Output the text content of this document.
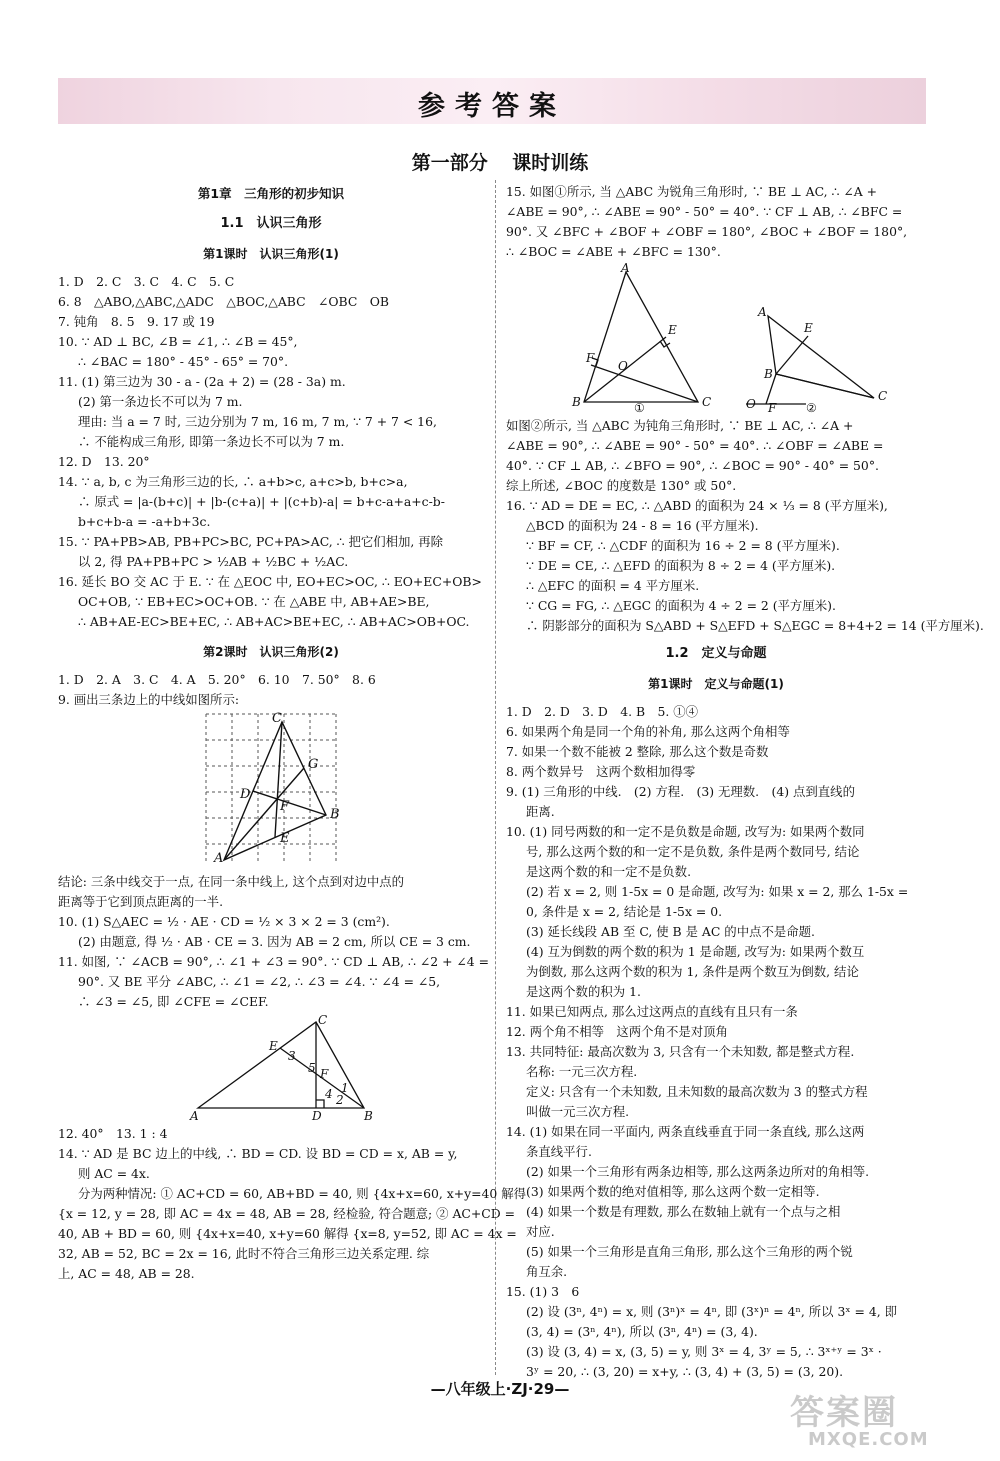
参考答案
第一部分 课时训练
第1章　三角形的初步知识
1.1　认识三角形
第1课时　认识三角形(1)
1. D　2. C　3. C　4. C　5. C
6. 8　△ABO,△ABC,△ADC　△BOC,△ABC　∠OBC　OB
7. 钝角　8. 5　9. 17 或 19
10. ∵ AD ⊥ BC, ∠B = ∠1, ∴ ∠B = 45°,
∴ ∠BAC = 180° - 45° - 65° = 70°.
11. (1) 第三边为 30 - a - (2a + 2) = (28 - 3a) m.
(2) 第一条边长不可以为 7 m.
理由: 当 a = 7 时, 三边分别为 7 m, 16 m, 7 m, ∵ 7 + 7 < 16,
∴ 不能构成三角形, 即第一条边长不可以为 7 m.
12. D　13. 20°
14. ∵ a, b, c 为三角形三边的长, ∴ a+b>c, a+c>b, b+c>a,
∴ 原式 = |a-(b+c)| + |b-(c+a)| + |(c+b)-a| = b+c-a+a+c-b-
b+c+b-a = -a+b+3c.
15. ∵ PA+PB>AB, PB+PC>BC, PC+PA>AC, ∴ 把它们相加, 再除
以 2, 得 PA+PB+PC > ½AB + ½BC + ½AC.
16. 延长 BO 交 AC 于 E. ∵ 在 △EOC 中, EO+EC>OC, ∴ EO+EC+OB>
OC+OB, ∵ EB+EC>OC+OB. ∵ 在 △ABE 中, AB+AE>BE,
∴ AB+AE-EC>BE+EC, ∴ AB+AC>BE+EC, ∴ AB+AC>OB+OC.
第2课时　认识三角形(2)
1. D　2. A　3. C　4. A　5. 20°　6. 10　7. 50°　8. 6
9. 画出三条边上的中线如图所示:
C
G
D
F
B
E
A
结论: 三条中线交于一点, 在同一条中线上, 这个点到对边中点的
距离等于它到顶点距离的一半.
10. (1) S△AEC = ½ · AE · CD = ½ × 3 × 2 = 3 (cm²).
(2) 由题意, 得 ½ · AB · CE = 3. 因为 AB = 2 cm, 所以 CE = 3 cm.
11. 如图, ∵ ∠ACB = 90°, ∴ ∠1 + ∠3 = 90°. ∵ CD ⊥ AB, ∴ ∠2 + ∠4 =
90°. 又 BE 平分 ∠ABC, ∴ ∠1 = ∠2, ∴ ∠3 = ∠4. ∵ ∠4 = ∠5,
∴ ∠3 = ∠5, 即 ∠CFE = ∠CEF.
C
E
3
5 F
1
4 2
A	D	B
12. 40°　13. 1 : 4
14. ∵ AD 是 BC 边上的中线, ∴ BD = CD. 设 BD = CD = x, AB = y,
则 AC = 4x.
分为两种情况: ① AC+CD = 60, AB+BD = 40, 则 {4x+x=60, x+y=40 解得
{x = 12, y = 28, 即 AC = 4x = 48, AB = 28, 经检验, 符合题意; ② AC+CD =
40, AB + BD = 60, 则 {4x+x=40, x+y=60 解得 {x=8, y=52, 即 AC = 4x =
32, AB = 52, BC = 2x = 16, 此时不符合三角形三边关系定理. 综
上, AC = 48, AB = 28.
15. 如图①所示, 当 △ABC 为锐角三角形时, ∵ BE ⊥ AC, ∴ ∠A +
∠ABE = 90°, ∴ ∠ABE = 90° - 50° = 40°. ∵ CF ⊥ AB, ∴ ∠BFC =
90°. 又 ∠BFC + ∠BOF + ∠OBF = 180°, ∠BOC + ∠BOF = 180°,
∴ ∠BOC = ∠ABE + ∠BFC = 130°.
A
E
F
O
B	C
①
A
E
B
C
O F ②
如图②所示, 当 △ABC 为钝角三角形时, ∵ BE ⊥ AC, ∴ ∠A +
∠ABE = 90°, ∴ ∠ABE = 90° - 50° = 40°. ∴ ∠OBF = ∠ABE =
40°. ∵ CF ⊥ AB, ∴ ∠BFO = 90°, ∴ ∠BOC = 90° - 40° = 50°.
综上所述, ∠BOC 的度数是 130° 或 50°.
16. ∵ AD = DE = EC, ∴ △ABD 的面积为 24 × ⅓ = 8 (平方厘米),
△BCD 的面积为 24 - 8 = 16 (平方厘米).
∵ BF = CF, ∴ △CDF 的面积为 16 ÷ 2 = 8 (平方厘米).
∵ DE = CE, ∴ △EFD 的面积为 8 ÷ 2 = 4 (平方厘米).
∴ △EFC 的面积 = 4 平方厘米.
∵ CG = FG, ∴ △EGC 的面积为 4 ÷ 2 = 2 (平方厘米).
∴ 阴影部分的面积为 S△ABD + S△EFD + S△EGC = 8+4+2 = 14 (平方厘米).
1.2　定义与命题
第1课时　定义与命题(1)
1. D　2. D　3. D　4. B　5. ①④
6. 如果两个角是同一个角的补角, 那么这两个角相等
7. 如果一个数不能被 2 整除, 那么这个数是奇数
8. 两个数异号　这两个数相加得零
9. (1) 三角形的中线.　(2) 方程.　(3) 无理数.　(4) 点到直线的
距离.
10. (1) 同号两数的和一定不是负数是命题, 改写为: 如果两个数同
号, 那么这两个数的和一定不是负数, 条件是两个数同号, 结论
是这两个数的和一定不是负数.
(2) 若 x = 2, 则 1-5x = 0 是命题, 改写为: 如果 x = 2, 那么 1-5x =
0, 条件是 x = 2, 结论是 1-5x = 0.
(3) 延长线段 AB 至 C, 使 B 是 AC 的中点不是命题.
(4) 互为倒数的两个数的积为 1 是命题, 改写为: 如果两个数互
为倒数, 那么这两个数的积为 1, 条件是两个数互为倒数, 结论
是这两个数的积为 1.
11. 如果已知两点, 那么过这两点的直线有且只有一条
12. 两个角不相等　这两个角不是对顶角
13. 共同特征: 最高次数为 3, 只含有一个未知数, 都是整式方程.
名称: 一元三次方程.
定义: 只含有一个未知数, 且未知数的最高次数为 3 的整式方程
叫做一元三次方程.
14. (1) 如果在同一平面内, 两条直线垂直于同一条直线, 那么这两
条直线平行.
(2) 如果一个三角形有两条边相等, 那么这两条边所对的角相等.
(3) 如果两个数的绝对值相等, 那么这两个数一定相等.
(4) 如果一个数是有理数, 那么在数轴上就有一个点与之相
对应.
(5) 如果一个三角形是直角三角形, 那么这个三角形的两个锐
角互余.
15. (1) 3　6
(2) 设 (3ⁿ, 4ⁿ) = x, 则 (3ⁿ)ˣ = 4ⁿ, 即 (3ˣ)ⁿ = 4ⁿ, 所以 3ˣ = 4, 即
(3, 4) = (3ⁿ, 4ⁿ), 所以 (3ⁿ, 4ⁿ) = (3, 4).
(3) 设 (3, 4) = x, (3, 5) = y, 则 3ˣ = 4, 3ʸ = 5, ∴ 3ˣ⁺ʸ = 3ˣ ·
3ʸ = 20, ∴ (3, 20) = x+y, ∴ (3, 4) + (3, 5) = (3, 20).
—八年级上·ZJ·29—
答案圈
MXQE.COM
